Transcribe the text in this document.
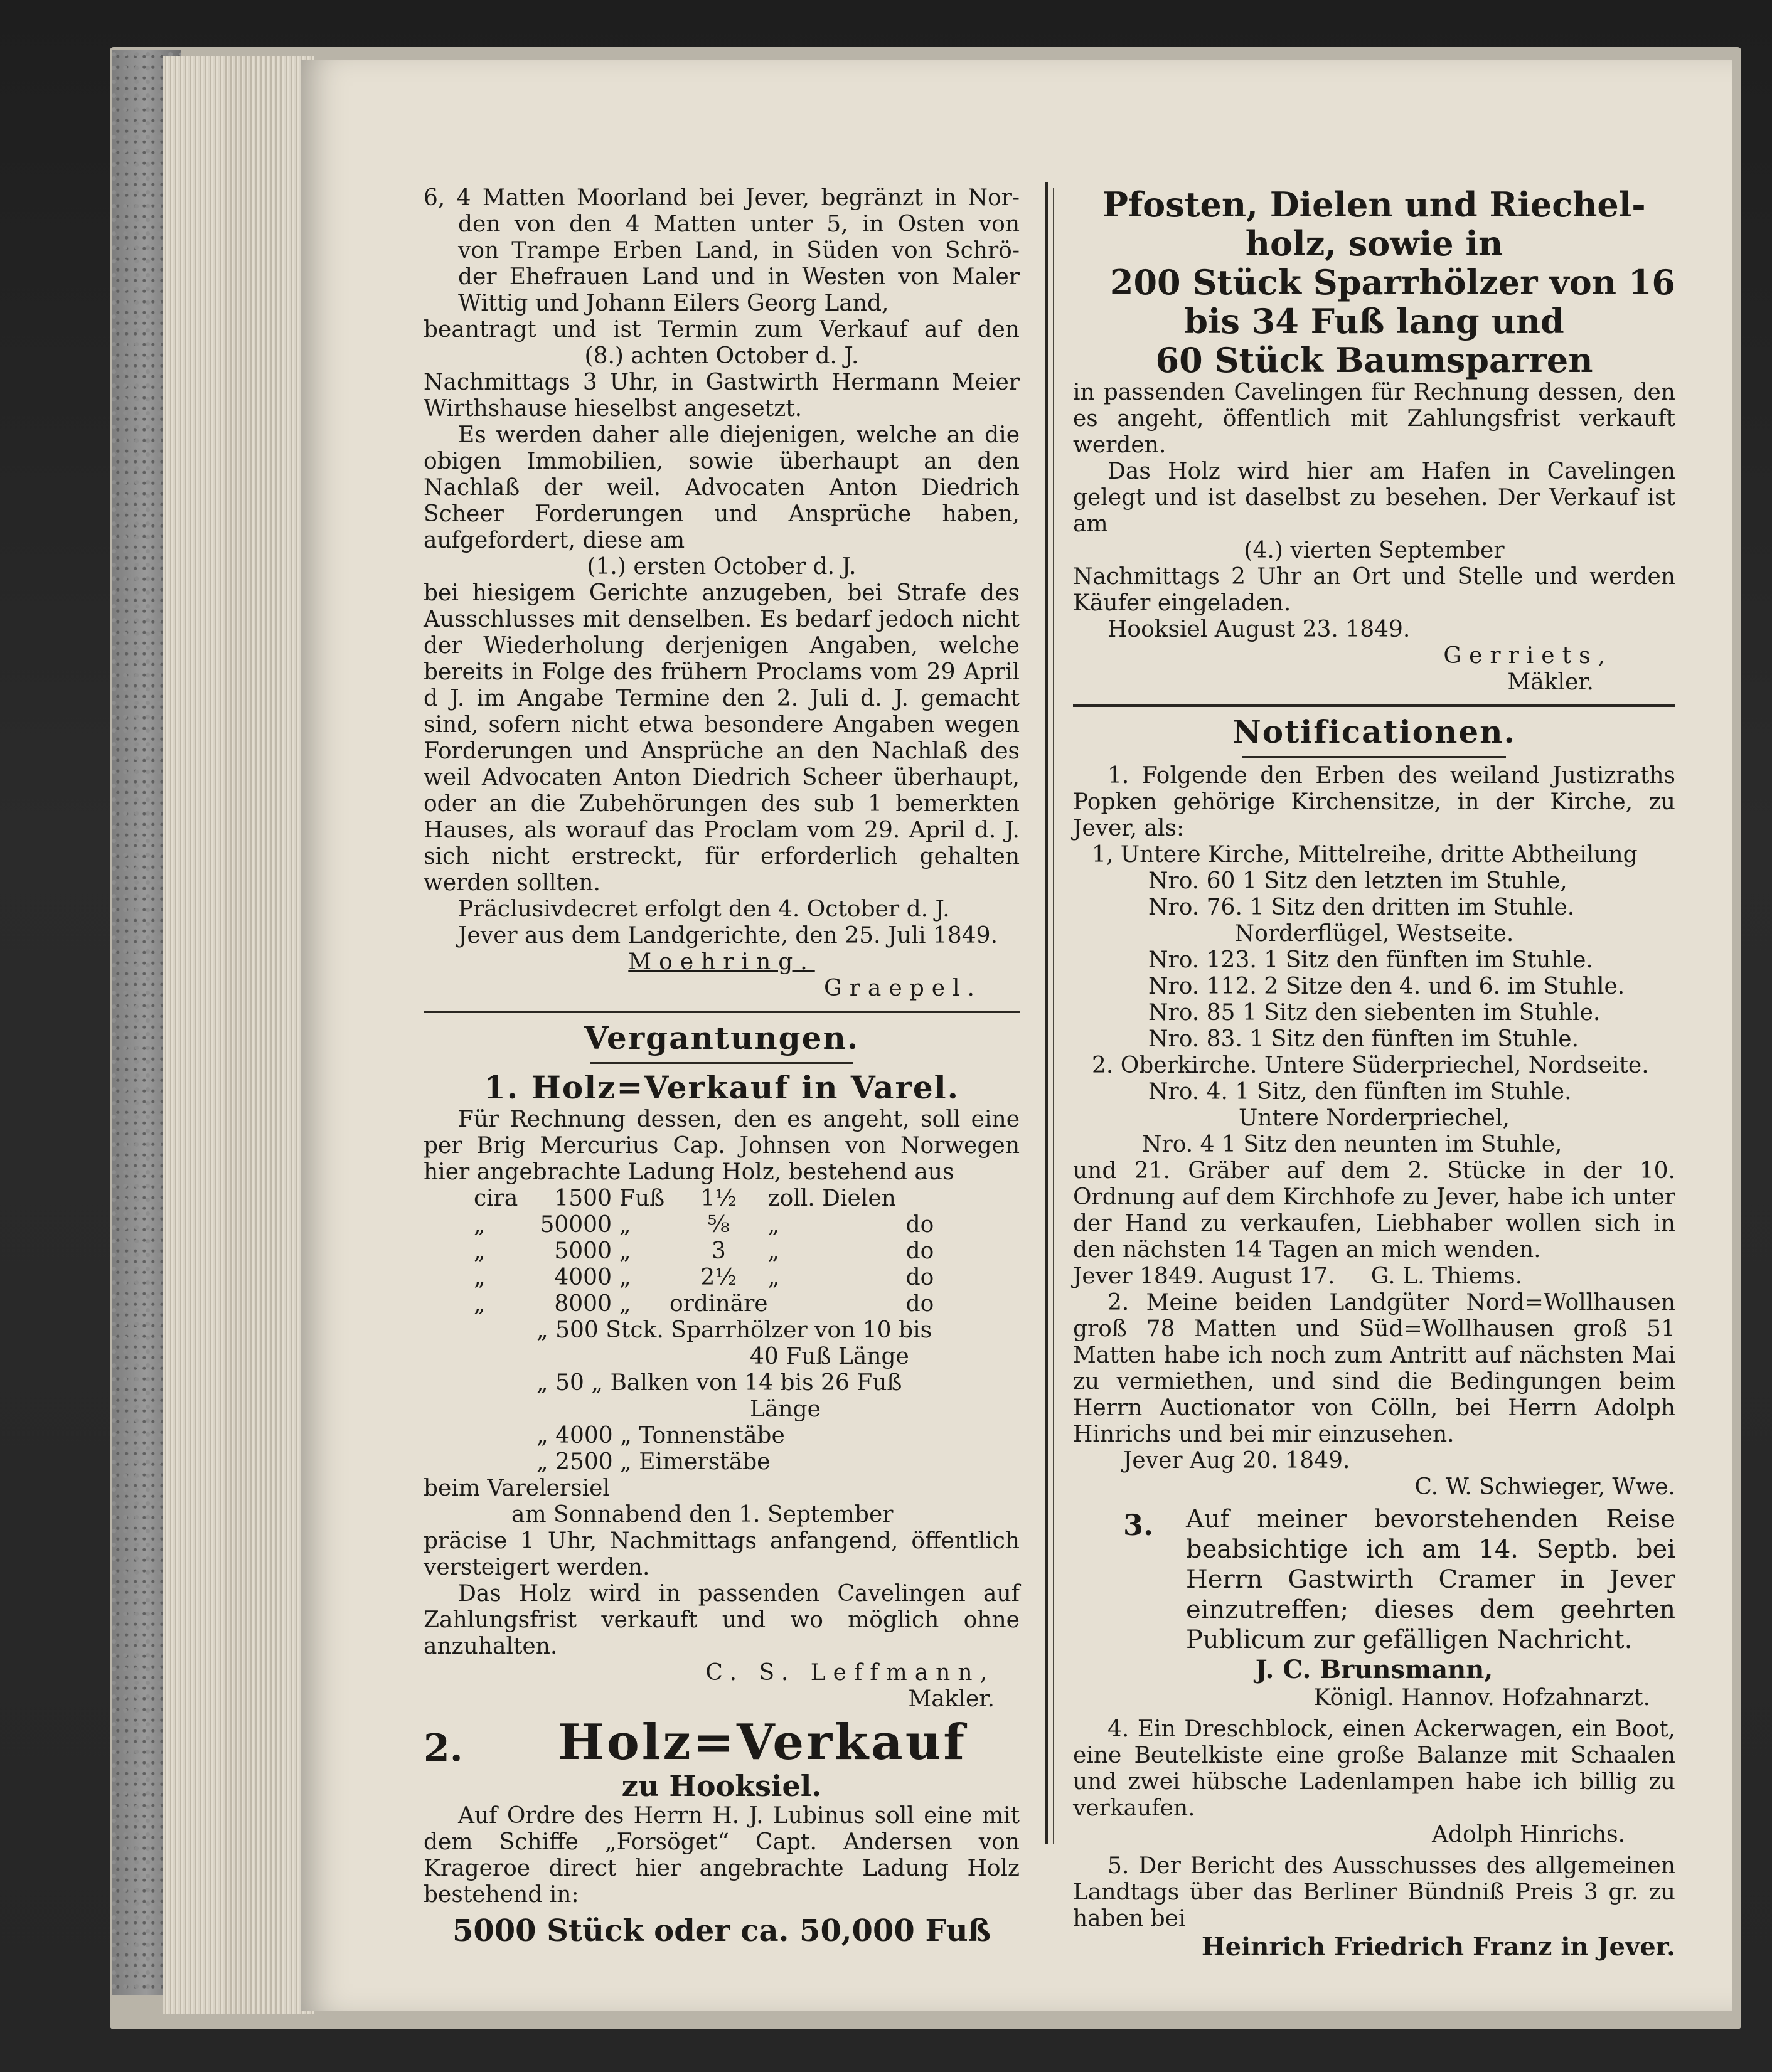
6, 4 Matten Moorland bei Jever, begränzt in Nor-

den von den 4 Matten unter 5, in Osten von

von Trampe Erben Land, in Süden von Schrö-

der Ehefrauen Land und in Westen von Maler

Wittig und Johann Eilers Georg Land,

beantragt und ist Termin zum Verkauf auf den

(8.) achten October d. J.

Nachmittags 3 Uhr, in Gastwirth Hermann Meier Wirthshause hieselbst angesetzt.

Es werden daher alle diejenigen, welche an die obigen Immobilien, sowie überhaupt an den Nachlaß der weil. Advocaten Anton Diedrich Scheer Forderungen und Ansprüche haben, aufgefordert, diese am

(1.) ersten October d. J.

bei hiesigem Gerichte anzugeben, bei Strafe des Ausschlusses mit denselben. Es bedarf jedoch nicht der Wiederholung derjenigen Angaben, welche bereits in Folge des frühern Proclams vom 29 April d J. im Angabe Termine den 2. Juli d. J. gemacht sind, sofern nicht etwa besondere Angaben wegen Forderungen und Ansprüche an den Nachlaß des weil Advocaten Anton Diedrich Scheer überhaupt, oder an die Zubehörungen des sub 1 bemerkten Hauses, als worauf das Proclam vom 29. April d. J. sich nicht erstreckt, für erforderlich gehalten werden sollten.

Präclusivdecret erfolgt den 4. October d. J.

Jever aus dem Landgerichte, den 25. Juli 1849.

Moehring.

Graepel.

Vergantungen.

1. Holz=Verkauf in Varel.

Für Rechnung dessen, den es angeht, soll eine per Brig Mercurius Cap. Johnsen von Norwegen hier angebrachte Ladung Holz, bestehend aus

cira	1500	Fuß	1½	zoll. Dielen	
„	50000	„	⅝	„	do
„	5000	„	3	„	do
„	4000	„	2½	„	do
„	8000	„	ordinäre		do

„ 500 Stck. Sparrhölzer von 10 bis

40 Fuß Länge

„ 50 „ Balken von 14 bis 26 Fuß

Länge

„ 4000 „ Tonnenstäbe

„ 2500 „ Eimerstäbe

beim Varelersiel

am Sonnabend den 1. September

präcise 1 Uhr, Nachmittags anfangend, öffentlich versteigert werden.

Das Holz wird in passenden Cavelingen auf Zahlungsfrist verkauft und wo möglich ohne anzuhalten.

C. S. Leffmann,

Makler.

2.	Holz=Verkauf

zu Hooksiel.

Auf Ordre des Herrn H. J. Lubinus soll eine mit dem Schiffe „Forsöget“ Capt. Andersen von Krageroe direct hier angebrachte Ladung Holz bestehend in:

5000 Stück oder ca. 50,000 Fuß

Pfosten, Dielen und Riechel-

holz, sowie in

200 Stück Sparrhölzer von 16

bis 34 Fuß lang und

60 Stück Baumsparren

in passenden Cavelingen für Rechnung dessen, den es angeht, öffentlich mit Zahlungsfrist verkauft werden.

Das Holz wird hier am Hafen in Cavelingen gelegt und ist daselbst zu besehen. Der Verkauf ist am

(4.) vierten September

Nachmittags 2 Uhr an Ort und Stelle und werden Käufer eingeladen.

Hooksiel August 23. 1849.

Gerriets,

Mäkler.

Notificationen.

1. Folgende den Erben des weiland Justizraths Popken gehörige Kirchensitze, in der Kirche, zu Jever, als:

1, Untere Kirche, Mittelreihe, dritte Abtheilung

Nro. 60 1 Sitz den letzten im Stuhle,

Nro. 76. 1 Sitz den dritten im Stuhle.

Norderflügel, Westseite.

Nro. 123. 1 Sitz den fünften im Stuhle.

Nro. 112. 2 Sitze den 4. und 6. im Stuhle.

Nro. 85 1 Sitz den siebenten im Stuhle.

Nro. 83. 1 Sitz den fünften im Stuhle.

2. Oberkirche. Untere Süderpriechel, Nordseite.

Nro. 4. 1 Sitz, den fünften im Stuhle.

Untere Norderpriechel,

Nro. 4 1 Sitz den neunten im Stuhle,

und 21. Gräber auf dem 2. Stücke in der 10. Ordnung auf dem Kirchhofe zu Jever, habe ich unter der Hand zu verkaufen, Liebhaber wollen sich in den nächsten 14 Tagen an mich wenden.

Jever 1849. August 17.     G. L. Thiems.

2. Meine beiden Landgüter Nord=Wollhausen groß 78 Matten und Süd=Wollhausen groß 51 Matten habe ich noch zum Antritt auf nächsten Mai zu vermiethen, und sind die Bedingungen beim Herrn Auctionator von Cölln, bei Herrn Adolph Hinrichs und bei mir einzusehen.

Jever Aug 20. 1849.

C. W. Schwieger, Wwe.

3.	Auf meiner bevorstehenden Reise beabsichtige ich am 14. Septb. bei Herrn Gastwirth Cramer in Jever einzutreffen; dieses dem geehrten Publicum zur gefälligen Nachricht.

J. C. Brunsmann,

Königl. Hannov. Hofzahnarzt.

4. Ein Dreschblock, einen Ackerwagen, ein Boot, eine Beutelkiste eine große Balanze mit Schaalen und zwei hübsche Ladenlampen habe ich billig zu verkaufen.

Adolph Hinrichs.

5. Der Bericht des Ausschusses des allgemeinen Landtags über das Berliner Bündniß Preis 3 gr. zu haben bei

Heinrich Friedrich Franz in Jever.
